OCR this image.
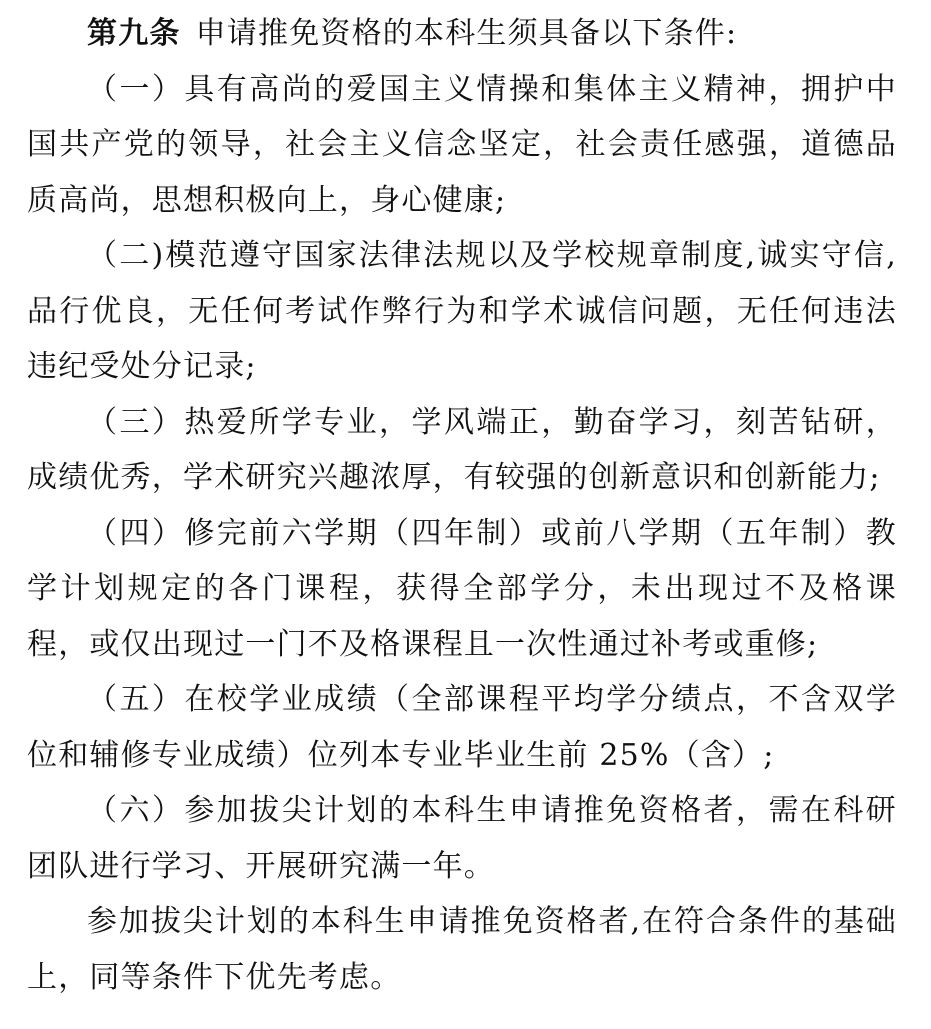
第九条 申请推免资格的本科生须具备以下条件:

（一）具有高尚的爱国主义情操和集体主义精神，拥护中国共产党的领导，社会主义信念坚定，社会责任感强，道德品质高尚，思想积极向上，身心健康;

（二)模范遵守国家法律法规以及学校规章制度,诚实守信,品行优良，无任何考试作弊行为和学术诚信问题，无任何违法违纪受处分记录;

（三）热爱所学专业，学风端正，勤奋学习，刻苦钻研，成绩优秀，学术研究兴趣浓厚，有较强的创新意识和创新能力;

（四）修完前六学期（四年制）或前八学期（五年制）教学计划规定的各门课程，获得全部学分，未出现过不及格课程，或仅出现过一门不及格课程且一次性通过补考或重修;

（五）在校学业成绩（全部课程平均学分绩点，不含双学位和辅修专业成绩）位列本专业毕业生前 25%（含）;

（六）参加拔尖计划的本科生申请推免资格者，需在科研团队进行学习、开展研究满一年。

参加拔尖计划的本科生申请推免资格者,在符合条件的基础上，同等条件下优先考虑。
